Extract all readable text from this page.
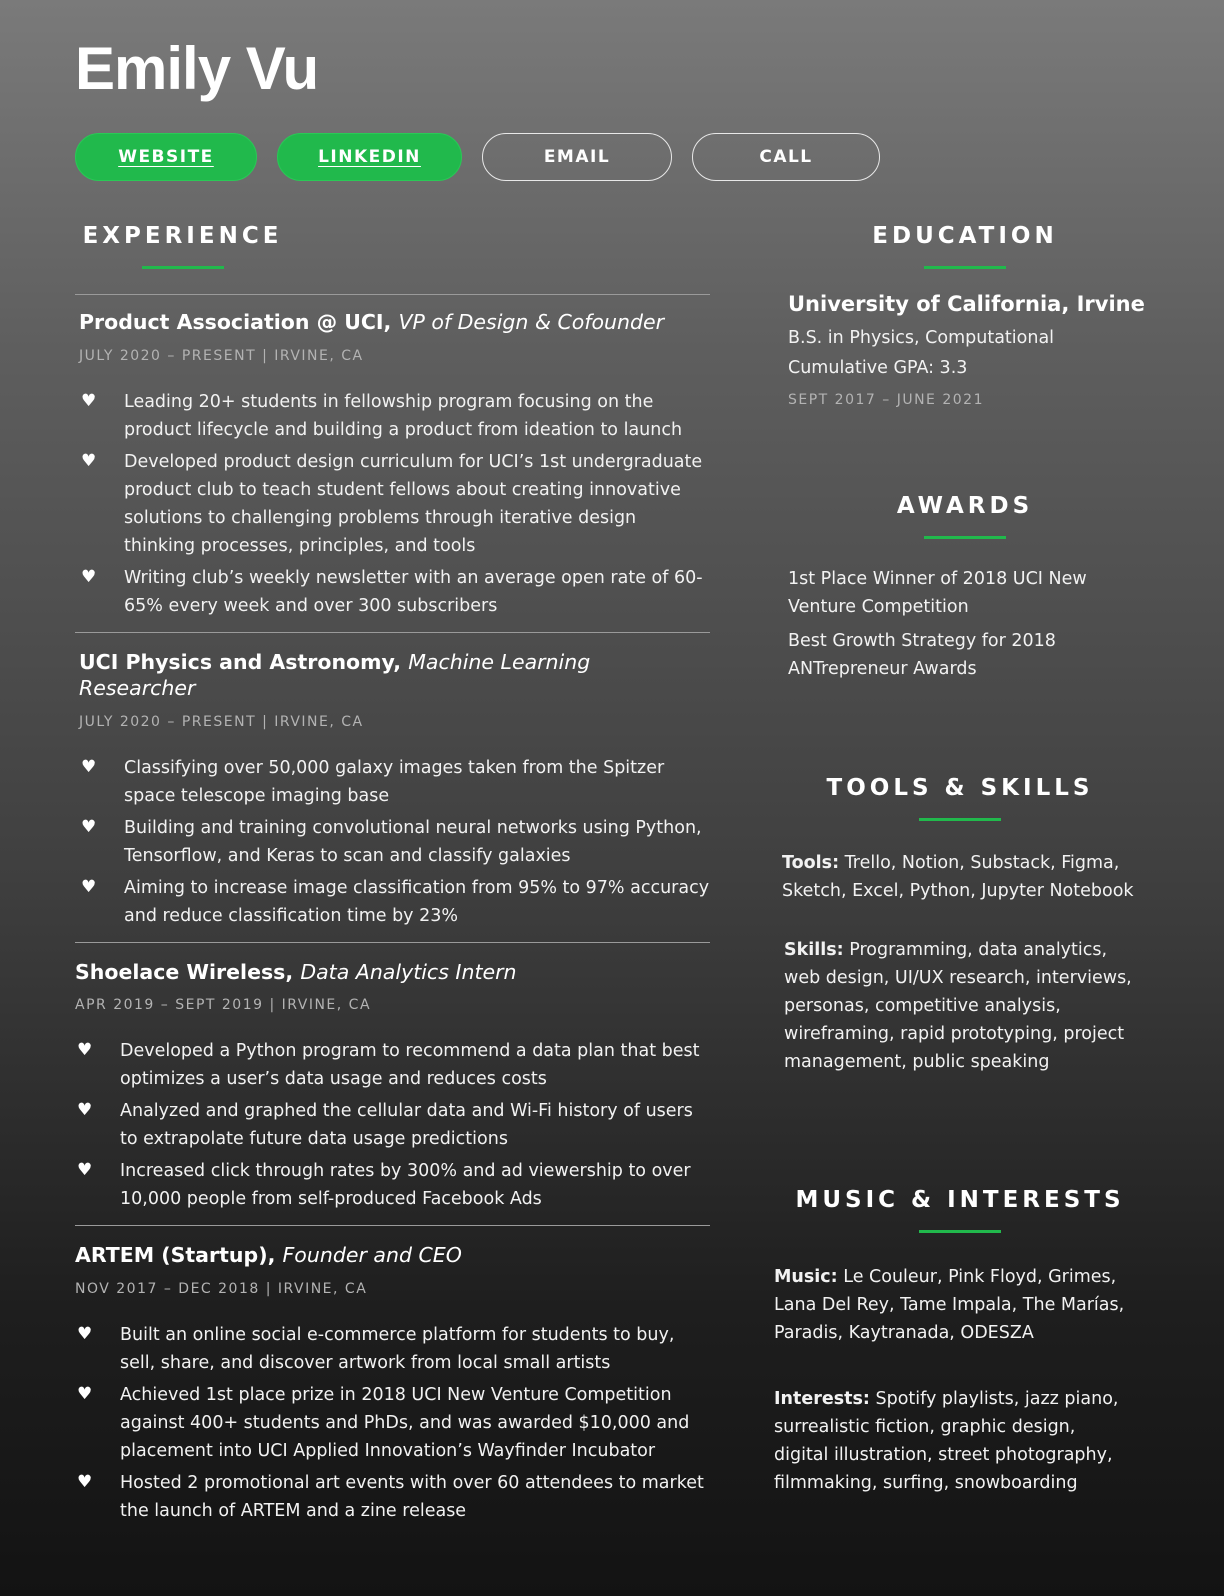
Emily Vu
WEBSITE	LINKEDIN	EMAIL	CALL
EXPERIENCE

Product Association @ UCI, VP of Design & Cofounder

JULY 2020 – PRESENT | IRVINE, CA
♥ Leading 20+ students in fellowship program focusing on the product lifecycle and building a product from ideation to launch
♥ Developed product design curriculum for UCI’s 1st undergraduate product club to teach student fellows about creating innovative solutions to challenging problems through iterative design thinking processes, principles, and tools
♥ Writing club’s weekly newsletter with an average open rate of 60-65% every week and over 300 subscribers

UCI Physics and Astronomy, Machine Learning Researcher

JULY 2020 – PRESENT | IRVINE, CA
♥ Classifying over 50,000 galaxy images taken from the Spitzer space telescope imaging base
♥ Building and training convolutional neural networks using Python, Tensorflow, and Keras to scan and classify galaxies
♥ Aiming to increase image classification from 95% to 97% accuracy and reduce classification time by 23%

Shoelace Wireless, Data Analytics Intern

APR 2019 – SEPT 2019 | IRVINE, CA
♥ Developed a Python program to recommend a data plan that best optimizes a user’s data usage and reduces costs
♥ Analyzed and graphed the cellular data and Wi-Fi history of users to extrapolate future data usage predictions
♥ Increased click through rates by 300% and ad viewership to over 10,000 people from self-produced Facebook Ads

ARTEM (Startup), Founder and CEO

NOV 2017 – DEC 2018 | IRVINE, CA
♥ Built an online social e-commerce platform for students to buy, sell, share, and discover artwork from local small artists
♥ Achieved 1st place prize in 2018 UCI New Venture Competition against 400+ students and PhDs, and was awarded $10,000 and placement into UCI Applied Innovation’s Wayfinder Incubator
♥ Hosted 2 promotional art events with over 60 attendees to market the launch of ARTEM and a zine release
EDUCATION

University of California, Irvine

B.S. in Physics, Computational
Cumulative GPA: 3.3
SEPT 2017 – JUNE 2021
AWARDS
1st Place Winner of 2018 UCI New Venture Competition
Best Growth Strategy for 2018 ANTrepreneur Awards
TOOLS & SKILLS
Tools: Trello, Notion, Substack, Figma, Sketch, Excel, Python, Jupyter Notebook
Skills: Programming, data analytics, web design, UI/UX research, interviews, personas, competitive analysis, wireframing, rapid prototyping, project management, public speaking
MUSIC & INTERESTS
Music: Le Couleur, Pink Floyd, Grimes, Lana Del Rey, Tame Impala, The Marías, Paradis, Kaytranada, ODESZA
Interests: Spotify playlists, jazz piano, surrealistic fiction, graphic design, digital illustration, street photography, filmmaking, surfing, snowboarding
